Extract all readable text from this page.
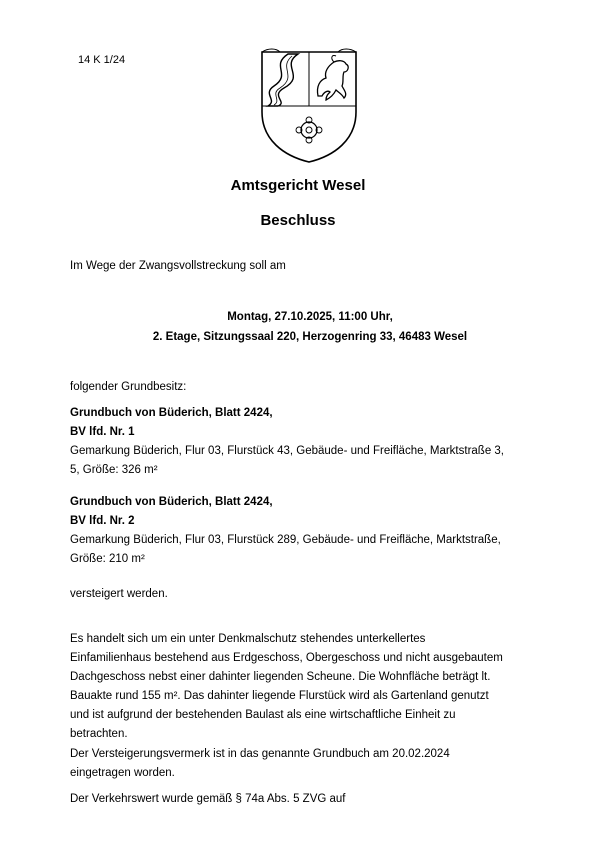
14 K 1/24
Amtsgericht Wesel
Beschluss
Im Wege der Zwangsvollstreckung soll am
Montag, 27.10.2025, 11:00 Uhr,
2. Etage, Sitzungssaal 220, Herzogenring 33, 46483 Wesel
folgender Grundbesitz:
Grundbuch von Büderich, Blatt 2424,
BV lfd. Nr. 1
Gemarkung Büderich, Flur 03, Flurstück 43, Gebäude- und Freifläche, Marktstraße 3,
5, Größe: 326 m²
Grundbuch von Büderich, Blatt 2424,
BV lfd. Nr. 2
Gemarkung Büderich, Flur 03, Flurstück 289, Gebäude- und Freifläche, Marktstraße,
Größe: 210 m²
versteigert werden.
Es handelt sich um ein unter Denkmalschutz stehendes unterkellertes
Einfamilienhaus bestehend aus Erdgeschoss, Obergeschoss und nicht ausgebautem
Dachgeschoss nebst einer dahinter liegenden Scheune. Die Wohnfläche beträgt lt.
Bauakte rund 155 m². Das dahinter liegende Flurstück wird als Gartenland genutzt
und ist aufgrund der bestehenden Baulast als eine wirtschaftliche Einheit zu
betrachten.
Der Versteigerungsvermerk ist in das genannte Grundbuch am 20.02.2024
eingetragen worden.
Der Verkehrswert wurde gemäß § 74a Abs. 5 ZVG auf
